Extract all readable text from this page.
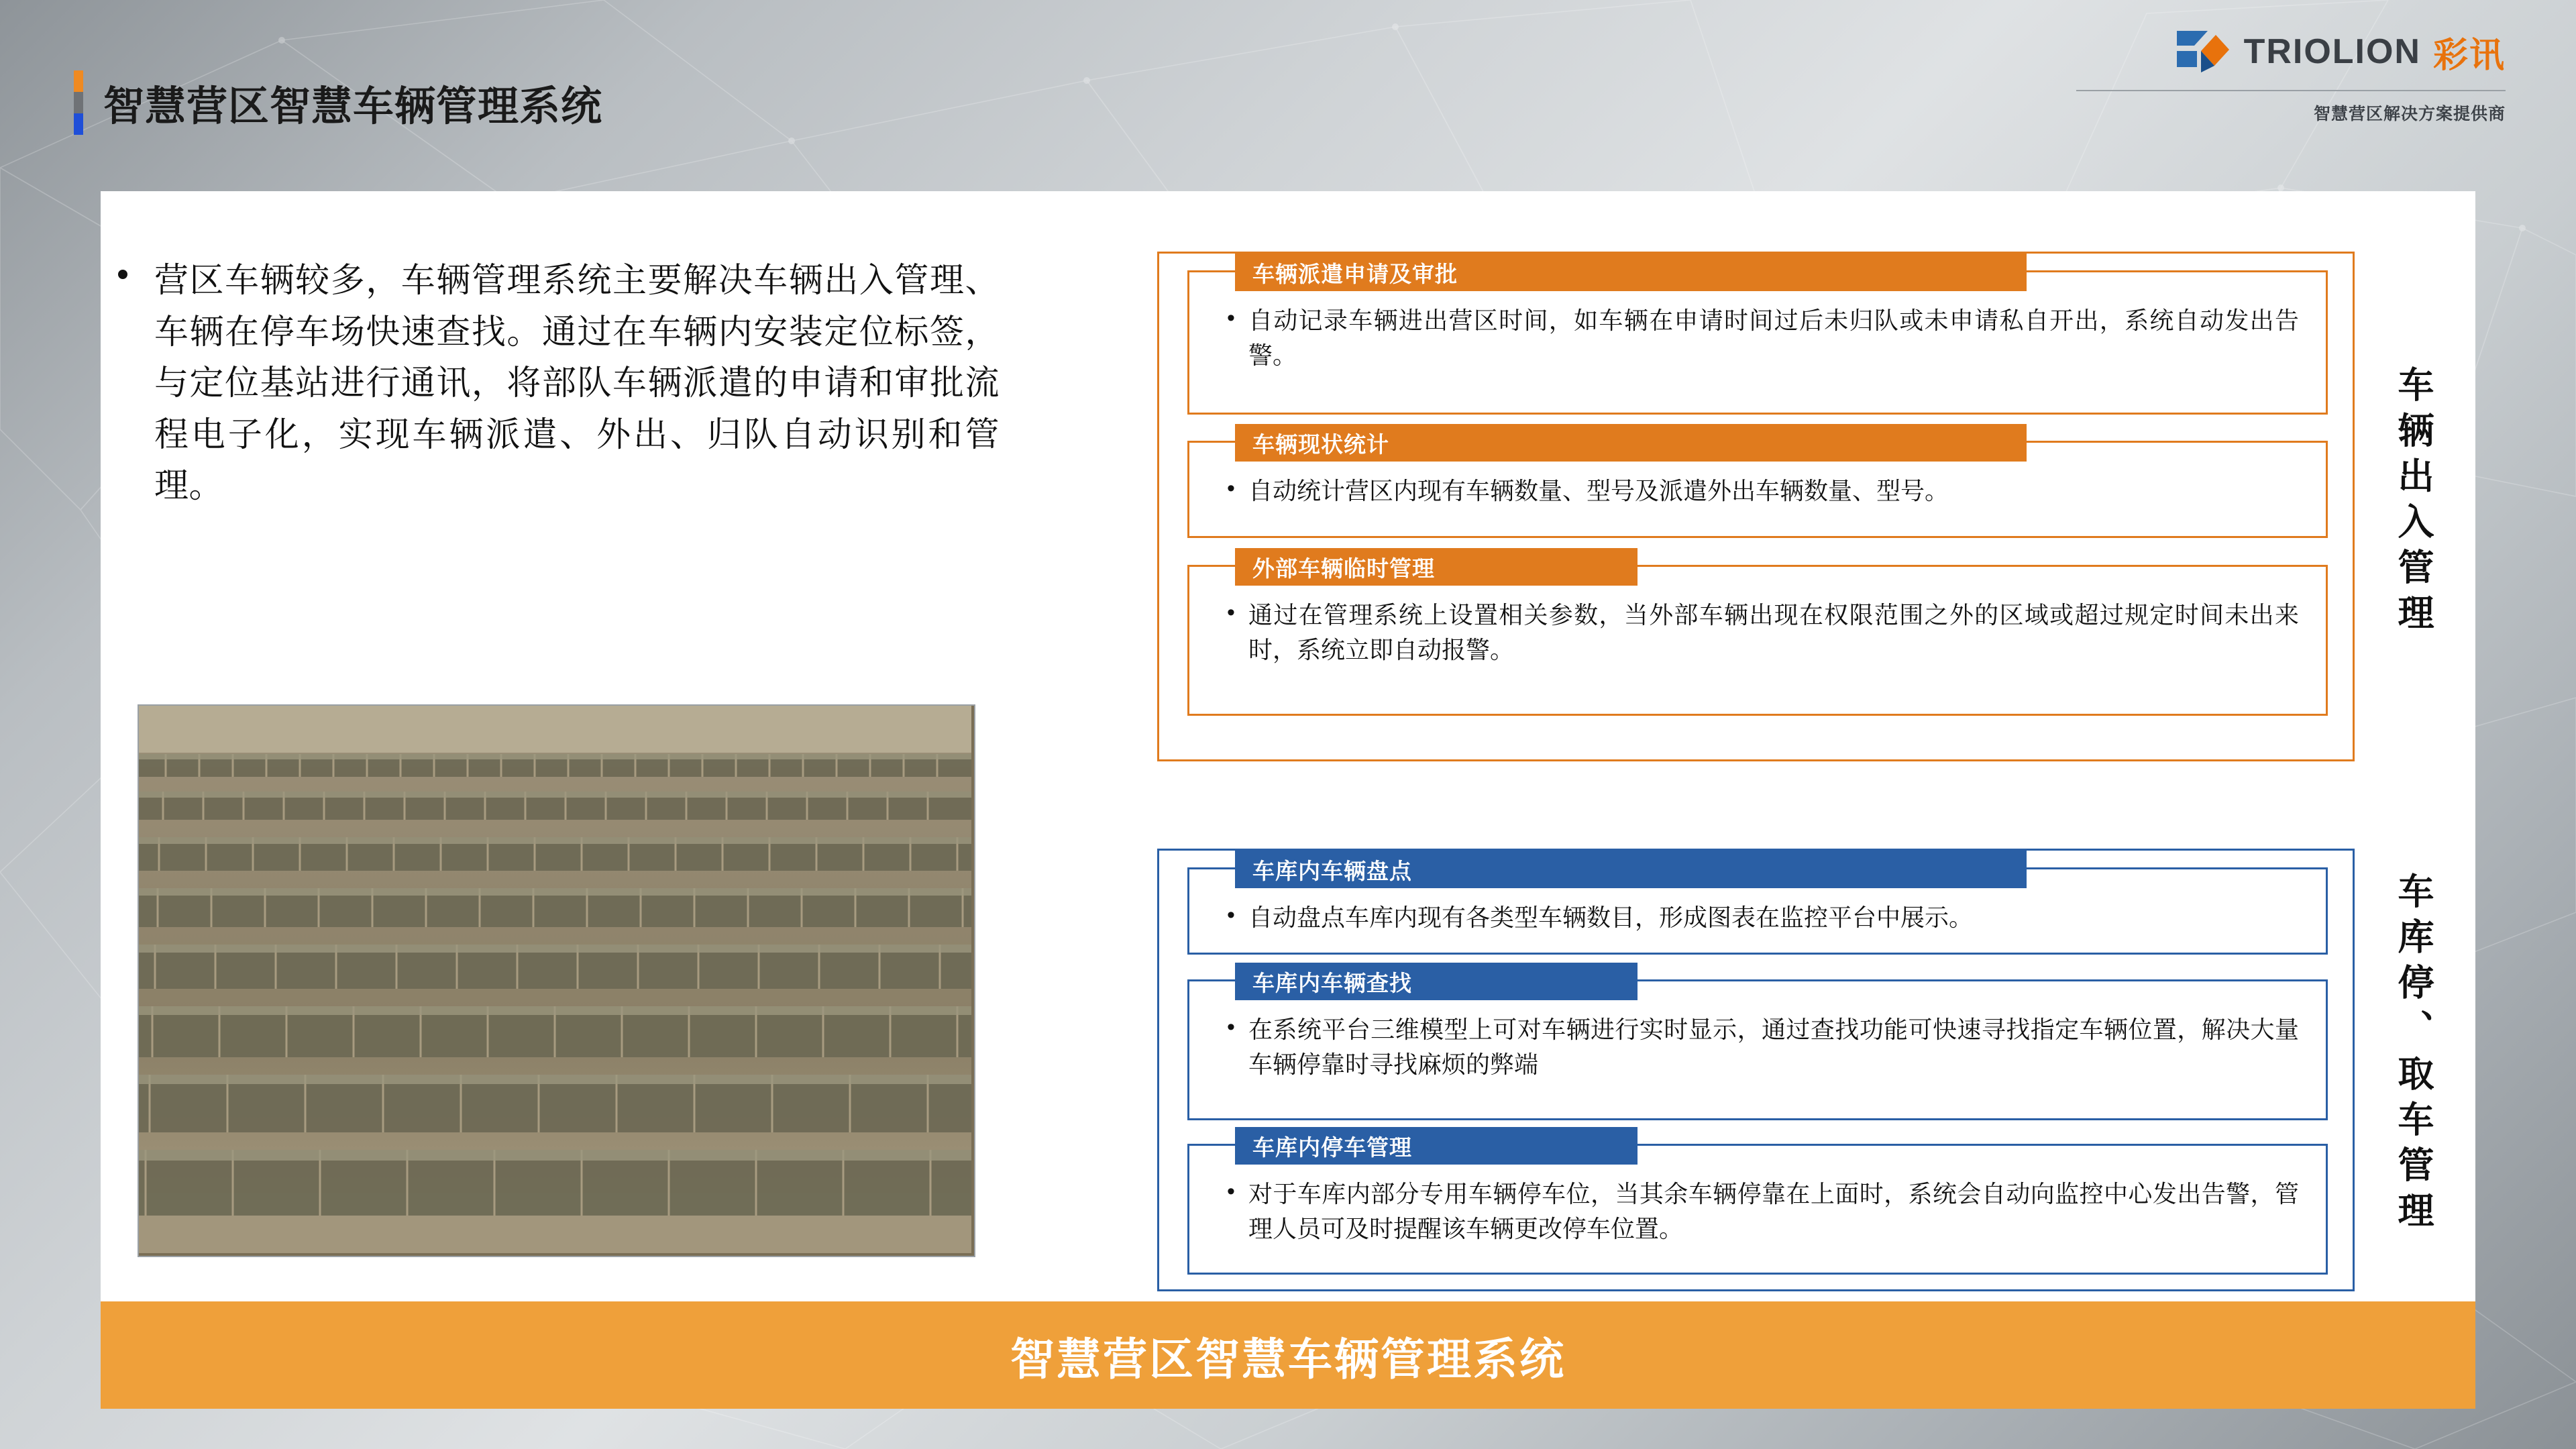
智慧营区智慧车辆管理系统
TRIOLION 彩讯
智慧营区解决方案提供商
营区车辆较多，车辆管理系统主要解决车辆出入管理、车辆在停车场快速查找。通过在车辆内安装定位标签，与定位基站进行通讯，将部队车辆派遣的申请和审批流程电子化，实现车辆派遣、外出、归队自动识别和管理。
车辆派遣申请及审批
• 自动记录车辆进出营区时间，如车辆在申请时间过后未归队或未申请私自开出，系统自动发出告警。
车辆现状统计
• 自动统计营区内现有车辆数量、型号及派遣外出车辆数量、型号。
外部车辆临时管理
• 通过在管理系统上设置相关参数，当外部车辆出现在权限范围之外的区域或超过规定时间未出来时，系统立即自动报警。
车辆出入管理
车库内车辆盘点
• 自动盘点车库内现有各类型车辆数目，形成图表在监控平台中展示。
车库内车辆查找
• 在系统平台三维模型上可对车辆进行实时显示，通过查找功能可快速寻找指定车辆位置，解决大量车辆停靠时寻找麻烦的弊端
车库内停车管理
• 对于车库内部分专用车辆停车位，当其余车辆停靠在上面时，系统会自动向监控中心发出告警，管理人员可及时提醒该车辆更改停车位置。	车库停、取车管理
智慧营区智慧车辆管理系统
